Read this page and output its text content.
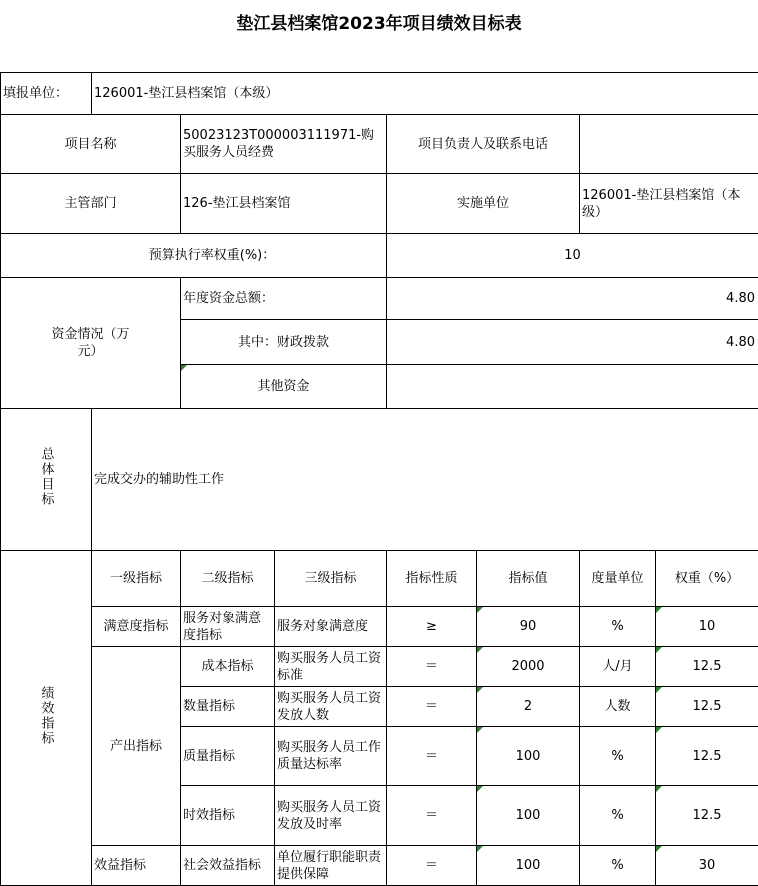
垫江县档案馆2023年项目绩效目标表
填报单位：	126001-垫江县档案馆（本级）						
项目名称		50023123T000003111971-购买服务人员经费		项目负责人及联系电话			
主管部门		126-垫江县档案馆		实施单位		126001-垫江县档案馆（本级）	
预算执行率权重(%)：				10			
资金情况（万元）		年度资金总额：		4.80			
		其中：财政拨款		4.80			
		其他资金					
总体目标	完成交办的辅助性工作						
绩效指标	一级指标	二级指标	三级指标	指标性质	指标值	度量单位	权重（%）
	满意度指标	服务对象满意度指标	服务对象满意度	≥	90	%	10
	产出指标	成本指标	购买服务人员工资标准	＝	2000	人/月	12.5
		数量指标	购买服务人员工资发放人数	＝	2	人数	12.5
		质量指标	购买服务人员工作质量达标率	＝	100	%	12.5
		时效指标	购买服务人员工资发放及时率	＝	100	%	12.5
	效益指标	社会效益指标	单位履行职能职责提供保障	＝	100	%	30
